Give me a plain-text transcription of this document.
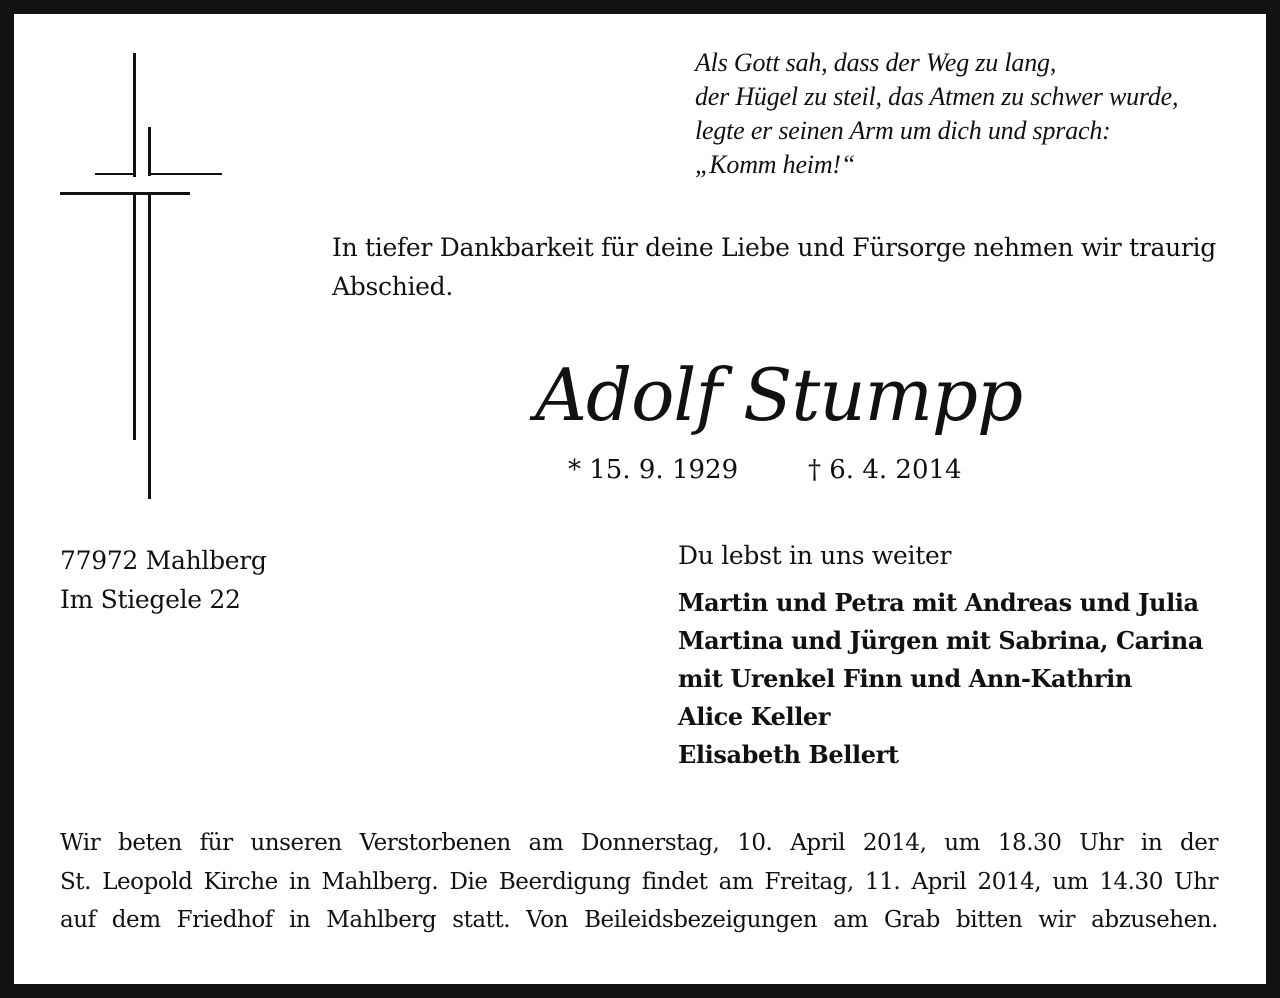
Als Gott sah, dass der Weg zu lang,
der Hügel zu steil, das Atmen zu schwer wurde,
legte er seinen Arm um dich und sprach:
„Komm heim!“
In tiefer Dankbarkeit für deine Liebe und Fürsorge nehmen wir traurig Abschied.
Adolf Stumpp
* 15. 9. 1929	† 6. 4. 2014
77972 Mahlberg
Im Stiegele 22
Du lebst in uns weiter
Martin und Petra mit Andreas und Julia
Martina und Jürgen mit Sabrina, Carina
mit Urenkel Finn und Ann-Kathrin
Alice Keller
Elisabeth Bellert
Wir beten für unseren Verstorbenen am Donnerstag, 10. April 2014, um 18.30 Uhr in der
St. Leopold Kirche in Mahlberg. Die Beerdigung findet am Freitag, 11. April 2014, um 14.30 Uhr
auf dem Friedhof in Mahlberg statt. Von Beileidsbezeigungen am Grab bitten wir abzusehen.
